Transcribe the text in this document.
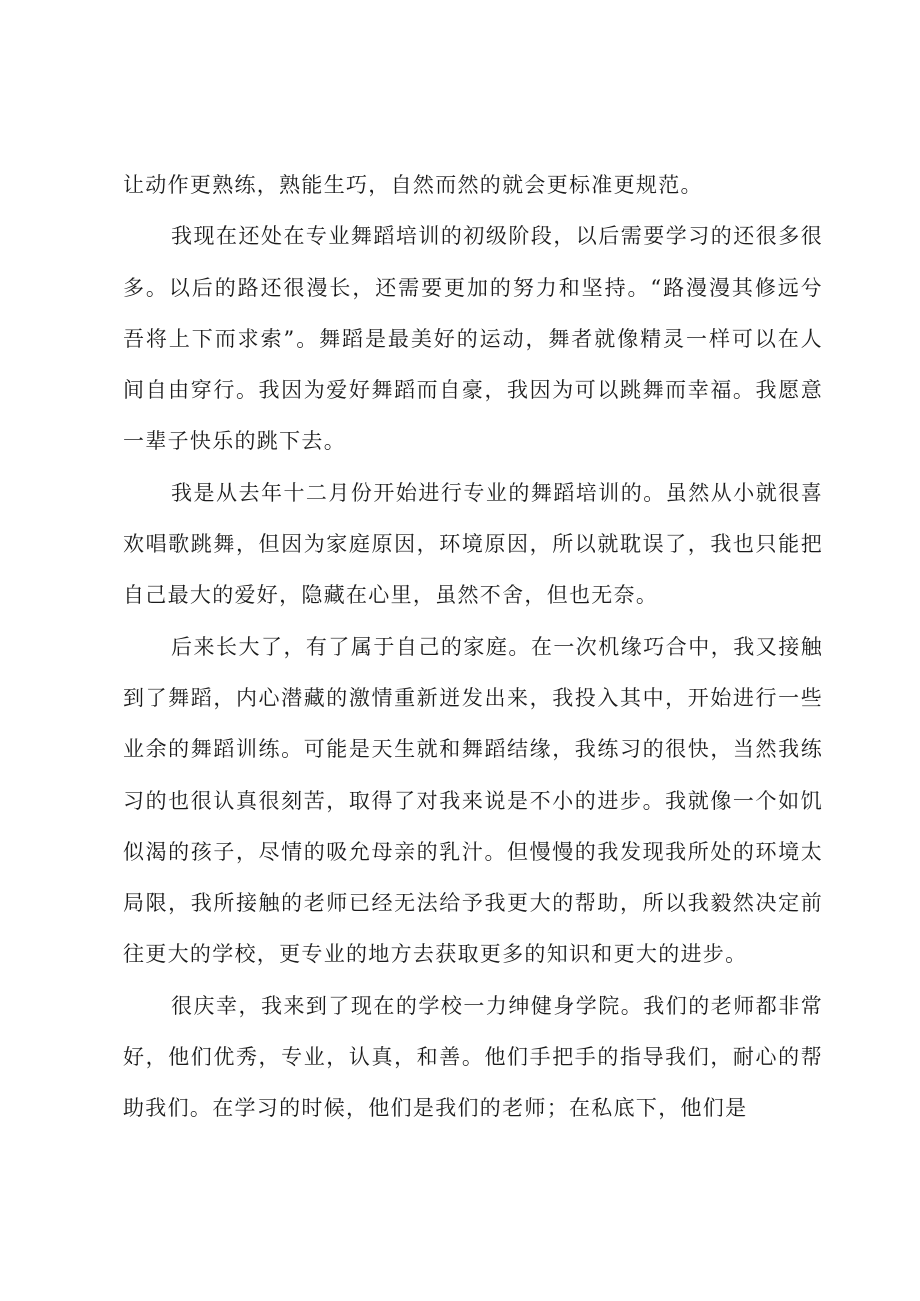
让动作更熟练，熟能生巧，自然而然的就会更标准更规范。

我现在还处在专业舞蹈培训的初级阶段，以后需要学习的还很多很多。以后的路还很漫长，还需要更加的努力和坚持。“路漫漫其修远兮吾将上下而求索”。舞蹈是最美好的运动，舞者就像精灵一样可以在人间自由穿行。我因为爱好舞蹈而自豪，我因为可以跳舞而幸福。我愿意一辈子快乐的跳下去。

我是从去年十二月份开始进行专业的舞蹈培训的。虽然从小就很喜欢唱歌跳舞，但因为家庭原因，环境原因，所以就耽误了，我也只能把自己最大的爱好，隐藏在心里，虽然不舍，但也无奈。

后来长大了，有了属于自己的家庭。在一次机缘巧合中，我又接触到了舞蹈，内心潜藏的激情重新迸发出来，我投入其中，开始进行一些业余的舞蹈训练。可能是天生就和舞蹈结缘，我练习的很快，当然我练习的也很认真很刻苦，取得了对我来说是不小的进步。我就像一个如饥似渴的孩子，尽情的吸允母亲的乳汁。但慢慢的我发现我所处的环境太局限，我所接触的老师已经无法给予我更大的帮助，所以我毅然决定前往更大的学校，更专业的地方去获取更多的知识和更大的进步。

很庆幸，我来到了现在的学校一力绅健身学院。我们的老师都非常好，他们优秀，专业，认真，和善。他们手把手的指导我们，耐心的帮助我们。在学习的时候，他们是我们的老师；在私底下，他们是
